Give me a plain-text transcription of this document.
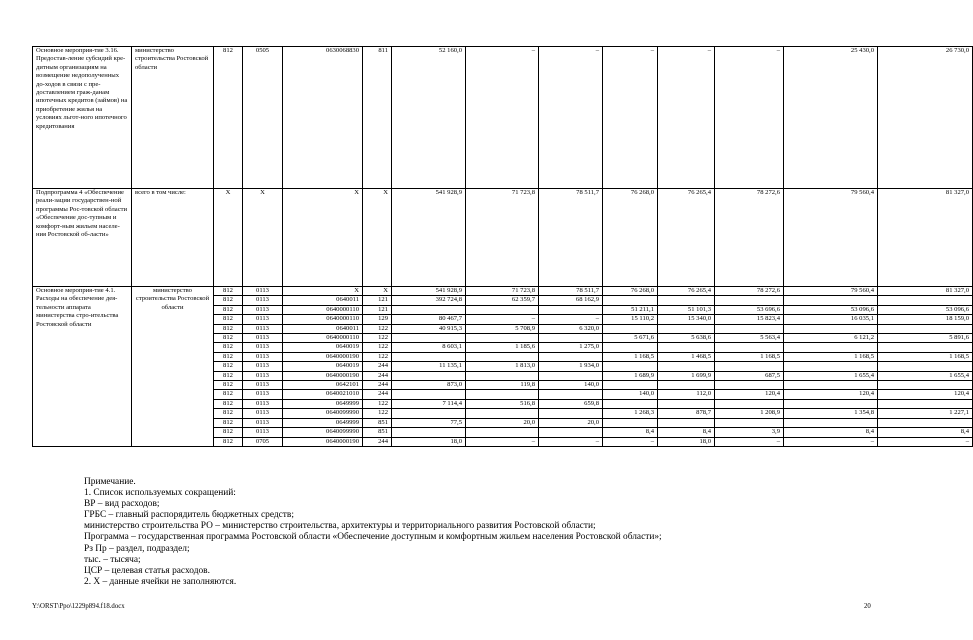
Основное мероприя-тие 3.16. Предостав-ление субсидий кре-дитным организациям на возмещение недополученных до-ходов в связи с пре-доставлением граж-данам ипотечных кредитов (займов) на приобретение жилья на условиях льгот-ного ипотечного кредитования	министерство строительства Ростовской области	812	0505	0630068830	811	52 160,0	–	–	–	–	–	25 430,0	26 730,0
Подпрограмма 4 «Обеспечение реали-зации государствен-ной программы Рос-товской области «Обеспечение дос-тупным и комфорт-ным жильем населе-ния Ростовской об-ласти»	всего в том числе:	Х	Х	Х	Х	541 928,9	71 723,8	78 511,7	76 268,0	76 265,4	78 272,6	79 560,4	81 327,0
Основное мероприя-тие 4.1. Расходы на обеспечение дея-тельности аппарата министерства стро-ительства Ростовской области	министерство строительства Ростовской области	812	0113	Х	Х	541 928,9	71 723,8	78 511,7	76 268,0	76 265,4	78 272,6	79 560,4	81 327,0
		812	0113	0640011	121	392 724,8	62 359,7	68 162,9					
		812	0113	0640000110	121				51 211,1	51 101,3	53 696,6	53 096,6	53 096,6
		812	0113	0640000110	129	80 467,7	–	–	15 110,2	15 340,0	15 823,4	16 035,1	18 159,0
		812	0113	0640011	122	40 915,3	5 708,9	6 320,0					
		812	0113	0640000110	122				5 671,6	5 638,6	5 563,4	6 121,2	5 891,6
		812	0113	0640019	122	8 603,1	1 185,6	1 275,0					
		812	0113	0640000190	122				1 168,5	1 468,5	1 168,5	1 168,5	1 168,5
		812	0113	0640019	244	11 135,1	1 813,0	1 934,0					
		812	0113	0640000190	244				1 689,9	1 699,9	687,5	1 655,4	1 655,4
		812	0113	0642101	244	873,0	119,8	140,0					
		812	0113	0640021010	244				140,0	112,0	120,4	120,4	120,4
		812	0113	0649999	122	7 114,4	516,8	659,8					
		812	0113	0640099990	122				1 268,3	878,7	1 208,9	1 354,8	1 227,1
		812	0113	0649999	851	77,5	20,0	20,0					
		812	0113	0640099990	851				8,4	8,4	3,9	8,4	8,4
		812	0705	0640000190	244	18,0	–	–	–	18,0	–	–	–
Примечание.
1. Список используемых сокращений:
ВР – вид расходов;
ГРБС – главный распорядитель бюджетных средств;
министерство строительства РО – министерство строительства, архитектуры и территориального развития Ростовской области;
Программа – государственная программа Ростовской области «Обеспечение доступным и комфортным жильем населения Ростовской области»;
Рз Пр – раздел, подраздел;
тыс. – тысяча;
ЦСР – целевая статья расходов.
2. Х – данные ячейки не заполняются.
Y:\ORST\Ppo\1229p894.f18.docx	20
